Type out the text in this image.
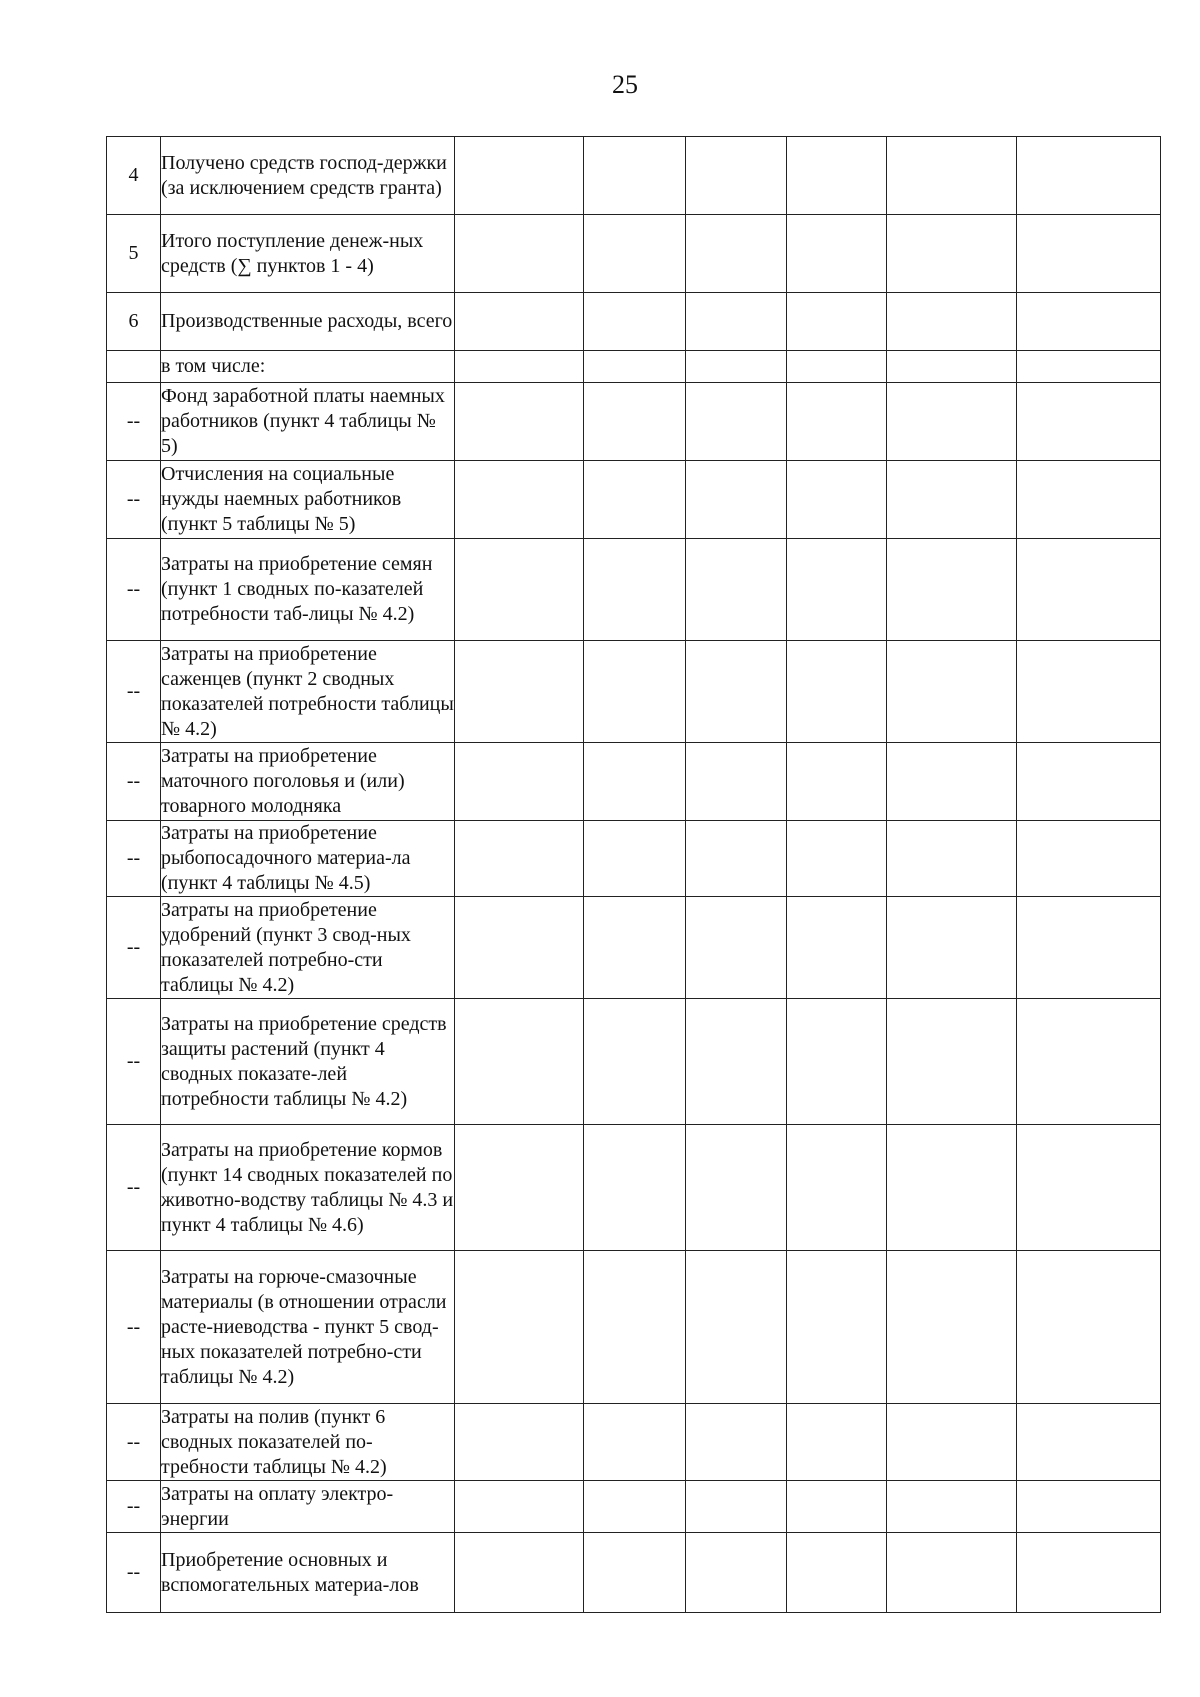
25
4	Получено средств господ-держки (за исключением средств гранта)						
5	Итого поступление денеж-ных средств (∑ пунктов 1 - 4)						
6	Производственные расходы, всего						
	в том числе:						
--	Фонд заработной платы наемных работников (пункт 4 таблицы № 5)						
--	Отчисления на социальные нужды наемных работников (пункт 5 таблицы № 5)						
--	Затраты на приобретение семян (пункт 1 сводных по-казателей потребности таб-лицы № 4.2)						
--	Затраты на приобретение саженцев (пункт 2 сводных показателей потребности таблицы № 4.2)						
--	Затраты на приобретение маточного поголовья и (или) товарного молодняка						
--	Затраты на приобретение рыбопосадочного материа-ла (пункт 4 таблицы № 4.5)						
--	Затраты на приобретение удобрений (пункт 3 свод-ных показателей потребно-сти таблицы № 4.2)						
--	Затраты на приобретение средств защиты растений (пункт 4 сводных показате-лей потребности таблицы № 4.2)						
--	Затраты на приобретение кормов (пункт 14 сводных показателей по животно-водству таблицы № 4.3 и пункт 4 таблицы № 4.6)						
--	Затраты на горюче-смазочные материалы (в отношении отрасли расте-ниеводства - пункт 5 свод-ных показателей потребно-сти таблицы № 4.2)						
--	Затраты на полив (пункт 6 сводных показателей по-требности таблицы № 4.2)						
--	Затраты на оплату электро-энергии						
--	Приобретение основных и вспомогательных материа-лов						
